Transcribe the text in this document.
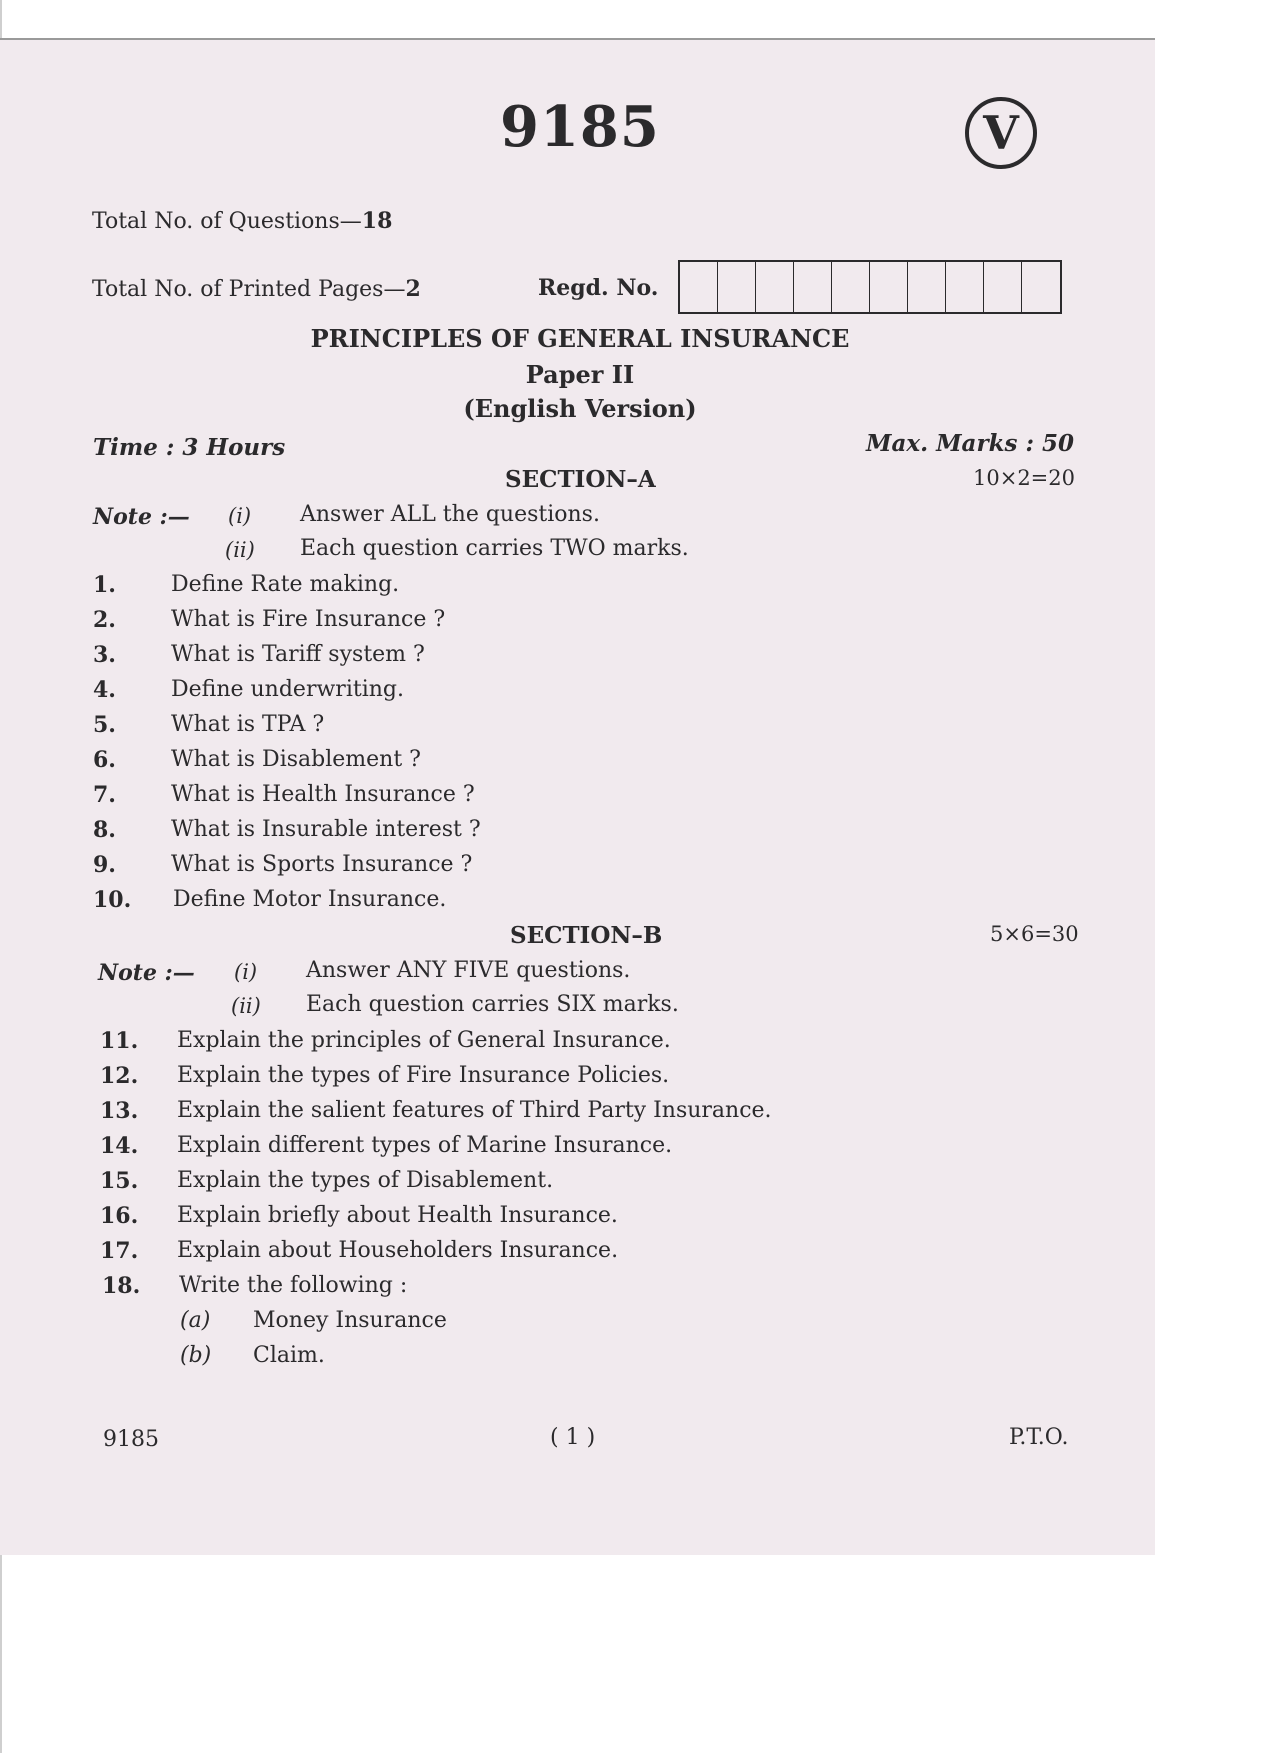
9185	V
Total No. of Questions—18
Total No. of Printed Pages—2	Regd. No.
PRINCIPLES OF GENERAL INSURANCE
Paper II
(English Version)
Time : 3 Hours	Max. Marks : 50
SECTION–A	10×2=20
Note :— (i) Answer ALL the questions.
(ii) Each question carries TWO marks.
1.	Define Rate making.
2.	What is Fire Insurance ?
3.	What is Tariff system ?
4.	Define underwriting.
5.	What is TPA ?
6.	What is Disablement ?
7.	What is Health Insurance ?
8.	What is Insurable interest ?
9.	What is Sports Insurance ?
10. Define Motor Insurance.
SECTION–B	5×6=30
Note :— (i) Answer ANY FIVE questions.
(ii) Each question carries SIX marks.
11. Explain the principles of General Insurance.
12. Explain the types of Fire Insurance Policies.
13. Explain the salient features of Third Party Insurance.
14. Explain different types of Marine Insurance.
15. Explain the types of Disablement.
16. Explain briefly about Health Insurance.
17. Explain about Householders Insurance.
18. Write the following :
(a) Money Insurance
(b) Claim.
9185	( 1 )	P.T.O.
